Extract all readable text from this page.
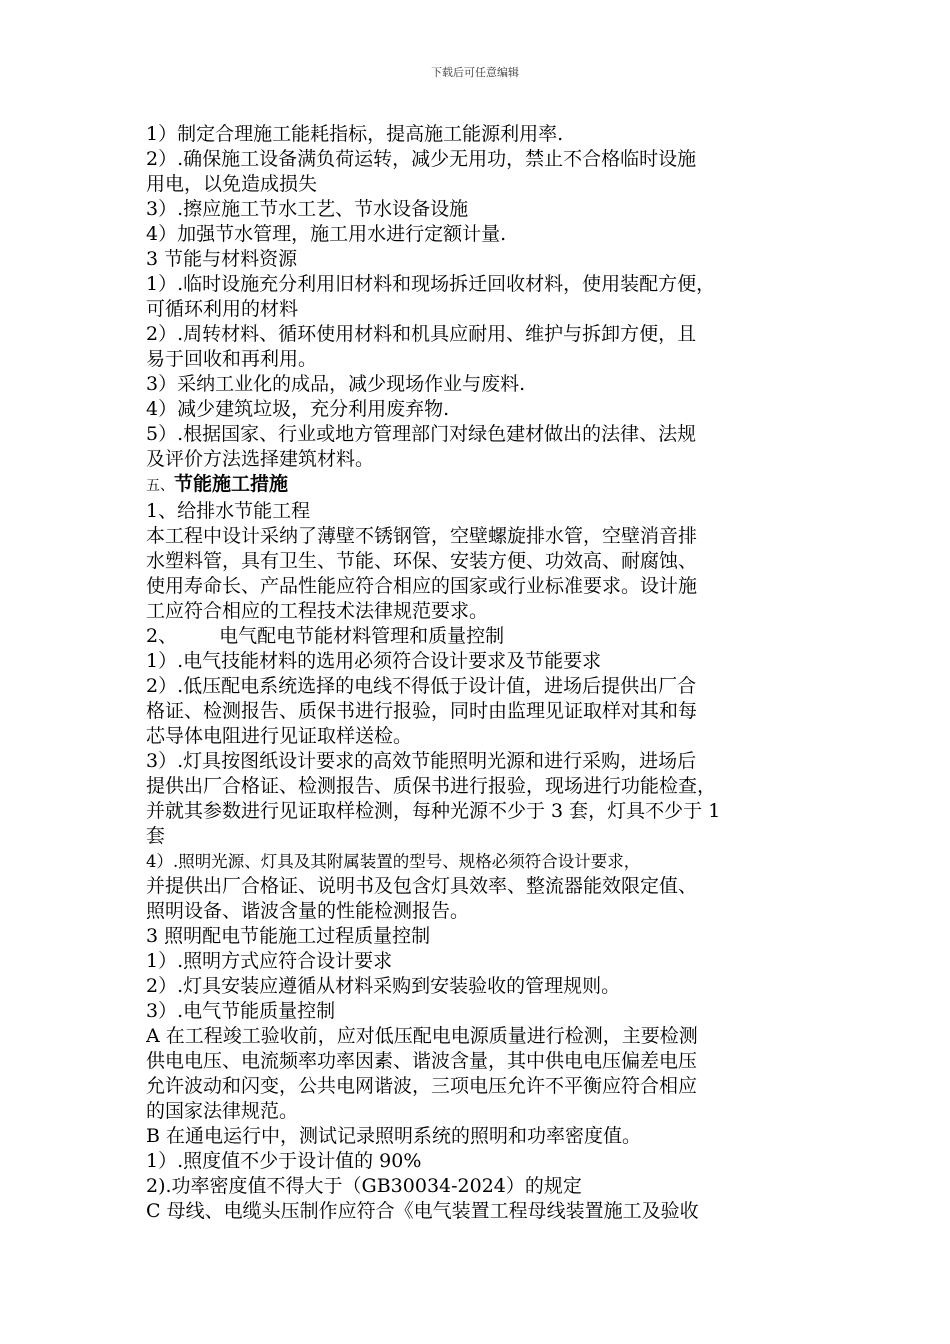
下载后可任意编辑
1）制定合理施工能耗指标，提高施工能源利用率.
2）.确保施工设备满负荷运转，减少无用功，禁止不合格临时设施
用电，以免造成损失
3）.擦应施工节水工艺、节水设备设施
4）加强节水管理，施工用水进行定额计量.
3 节能与材料资源
1）.临时设施充分利用旧材料和现场拆迁回收材料，使用装配方便，
可循环利用的材料
2）.周转材料、循环使用材料和机具应耐用、维护与拆卸方便，且
易于回收和再利用。
3）采纳工业化的成品，减少现场作业与废料.
4）减少建筑垃圾，充分利用废弃物.
5）.根据国家、行业或地方管理部门对绿色建材做出的法律、法规
及评价方法选择建筑材料。
五、节能施工措施
1、给排水节能工程
本工程中设计采纳了薄壁不锈钢管，空壁螺旋排水管，空壁消音排
水塑料管，具有卫生、节能、环保、安装方便、功效高、耐腐蚀、
使用寿命长、产品性能应符合相应的国家或行业标准要求。设计施
工应符合相应的工程技术法律规范要求。
2、 电气配电节能材料管理和质量控制
1）.电气技能材料的选用必须符合设计要求及节能要求
2）.低压配电系统选择的电线不得低于设计值，进场后提供出厂合
格证、检测报告、质保书进行报验，同时由监理见证取样对其和每
芯导体电阻进行见证取样送检。
3）.灯具按图纸设计要求的高效节能照明光源和进行采购，进场后
提供出厂合格证、检测报告、质保书进行报验，现场进行功能检查，
并就其参数进行见证取样检测，每种光源不少于 3 套，灯具不少于 1
套
4）.照明光源、灯具及其附属装置的型号、规格必须符合设计要求，
并提供出厂合格证、说明书及包含灯具效率、整流器能效限定值、
照明设备、谐波含量的性能检测报告。
3 照明配电节能施工过程质量控制
1）.照明方式应符合设计要求
2）.灯具安装应遵循从材料采购到安装验收的管理规则。
3）.电气节能质量控制
A 在工程竣工验收前，应对低压配电电源质量进行检测，主要检测
供电电压、电流频率功率因素、谐波含量，其中供电电压偏差电压
允许波动和闪变，公共电网谐波，三项电压允许不平衡应符合相应
的国家法律规范。
B 在通电运行中，测试记录照明系统的照明和功率密度值。
1）.照度值不少于设计值的 90%
2).功率密度值不得大于（GB30034-2024）的规定
C 母线、电缆头压制作应符合《电气装置工程母线装置施工及验收
